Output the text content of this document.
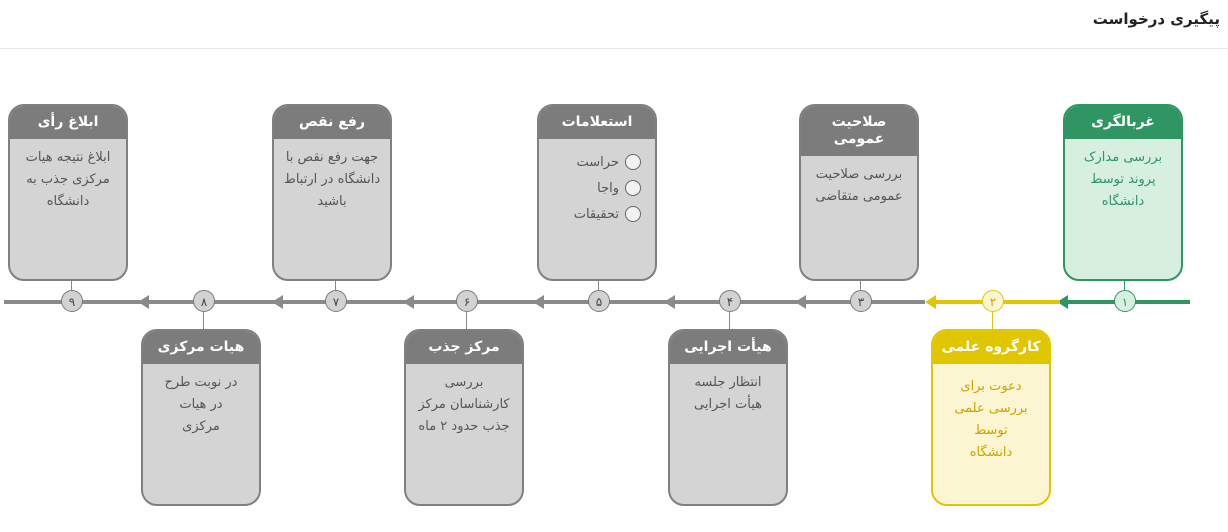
پیگیری درخواست
۱
۲
۳
۴
۵
۶
۷
۸
۹
غربالگری
بررسی مدارک پروند توسط دانشگاه
صلاحیت عمومی
بررسی صلاحیت عمومی متقاضی
استعلامات
حراست
واجا
تحقیقات
رفع نقص
جهت رفع نقص با دانشگاه در ارتباط باشید
ابلاغ رأی
ابلاغ نتیجه هیات مرکزی جذب به دانشگاه
کارگروه علمی
دعوت برای بررسی علمی توسط دانشگاه
هیأت اجرایی
انتظار جلسه هیأت اجرایی
مرکز جذب
بررسی کارشناسان مرکز جذب حدود ۲ ماه
هیات مرکزی
در نوبت طرح در هیات مرکزی
